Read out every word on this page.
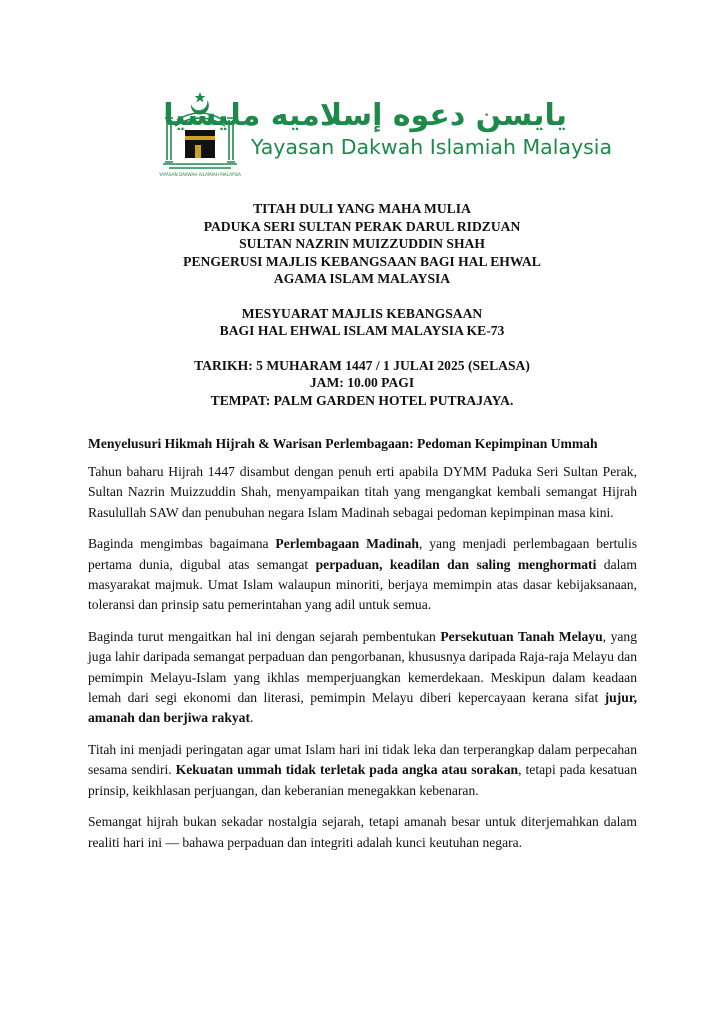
YAYASAN DAKWAH ISLAMIAH MALAYSIA
يايسن دعوه إسلاميه مليسيا
Yayasan Dakwah Islamiah Malaysia
TITAH DULI YANG MAHA MULIA
PADUKA SERI SULTAN PERAK DARUL RIDZUAN
SULTAN NAZRIN MUIZZUDDIN SHAH
PENGERUSI MAJLIS KEBANGSAAN BAGI HAL EHWAL
AGAMA ISLAM MALAYSIA
MESYUARAT MAJLIS KEBANGSAAN
BAGI HAL EHWAL ISLAM MALAYSIA KE-73
TARIKH: 5 MUHARAM 1447 / 1 JULAI 2025 (SELASA)
JAM: 10.00 PAGI
TEMPAT: PALM GARDEN HOTEL PUTRAJAYA.
Menyelusuri Hikmah Hijrah & Warisan Perlembagaan: Pedoman Kepimpinan Ummah

Tahun baharu Hijrah 1447 disambut dengan penuh erti apabila DYMM Paduka Seri Sultan Perak, Sultan Nazrin Muizzuddin Shah, menyampaikan titah yang mengangkat kembali semangat Hijrah Rasulullah SAW dan penubuhan negara Islam Madinah sebagai pedoman kepimpinan masa kini.

Baginda mengimbas bagaimana Perlembagaan Madinah, yang menjadi perlembagaan bertulis pertama dunia, digubal atas semangat perpaduan, keadilan dan saling menghormati dalam masyarakat majmuk. Umat Islam walaupun minoriti, berjaya memimpin atas dasar kebijaksanaan, toleransi dan prinsip satu pemerintahan yang adil untuk semua.

Baginda turut mengaitkan hal ini dengan sejarah pembentukan Persekutuan Tanah Melayu, yang juga lahir daripada semangat perpaduan dan pengorbanan, khususnya daripada Raja-raja Melayu dan pemimpin Melayu-Islam yang ikhlas memperjuangkan kemerdekaan. Meskipun dalam keadaan lemah dari segi ekonomi dan literasi, pemimpin Melayu diberi kepercayaan kerana sifat jujur, amanah dan berjiwa rakyat.

Titah ini menjadi peringatan agar umat Islam hari ini tidak leka dan terperangkap dalam perpecahan sesama sendiri. Kekuatan ummah tidak terletak pada angka atau sorakan, tetapi pada kesatuan prinsip, keikhlasan perjuangan, dan keberanian menegakkan kebenaran.

Semangat hijrah bukan sekadar nostalgia sejarah, tetapi amanah besar untuk diterjemahkan dalam realiti hari ini — bahawa perpaduan dan integriti adalah kunci keutuhan negara.
